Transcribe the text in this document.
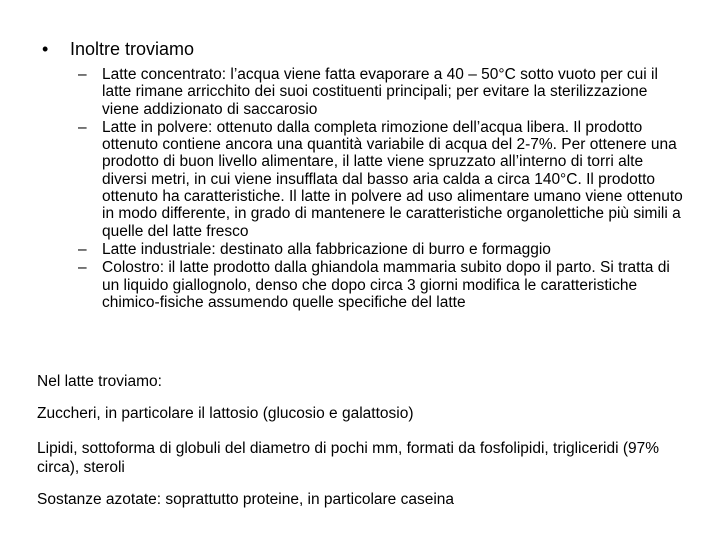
• Inoltre troviamo
– Latte concentrato: l’acqua viene fatta evaporare a 40 – 50°C sotto vuoto per cui il latte rimane arricchito dei suoi costituenti principali; per evitare la sterilizzazione viene addizionato di saccarosio
– Latte in polvere: ottenuto dalla completa rimozione dell’acqua libera. Il prodotto ottenuto contiene ancora una quantità variabile di acqua del 2-7%. Per ottenere una prodotto di buon livello alimentare, il latte viene spruzzato all’interno di torri alte diversi metri, in cui viene insufflata dal basso aria calda a circa 140°C. Il prodotto ottenuto ha caratteristiche. Il latte in polvere ad uso alimentare umano viene ottenuto in modo differente, in grado di mantenere le caratteristiche organolettiche più simili a quelle del latte fresco
– Latte industriale: destinato alla fabbricazione di burro e formaggio
– Colostro: il latte prodotto dalla ghiandola mammaria subito dopo il parto. Si tratta di un liquido giallognolo, denso che dopo circa 3 giorni modifica le caratteristiche chimico-fisiche assumendo quelle specifiche del latte
Nel latte troviamo:
Zuccheri, in particolare il lattosio (glucosio e galattosio)
Lipidi, sottoforma di globuli del diametro di pochi mm, formati da fosfolipidi, trigliceridi (97% circa), steroli
Sostanze azotate: soprattutto proteine, in particolare caseina
